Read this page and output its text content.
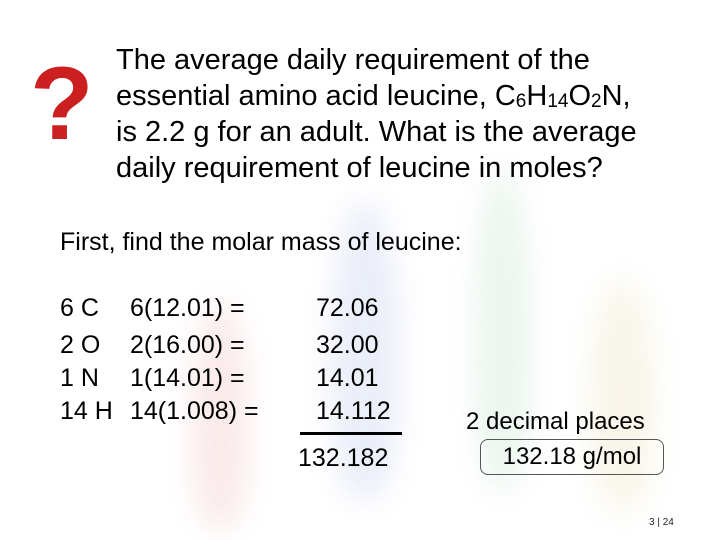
? The average daily requirement of the
essential amino acid leucine, $C_6H_{14}O_2N$,
is 2.2 g for an adult. What is the average
daily requirement of leucine in moles?
First, find the molar mass of leucine:
6 C 6(12.01) =	72.06
2 O 2(16.00) =	32.00
1 N 1(14.01) =	14.01
14 H 14(1.008) = 14.112
132.182
2 decimal places
132.18 g/mol
3 | 24
